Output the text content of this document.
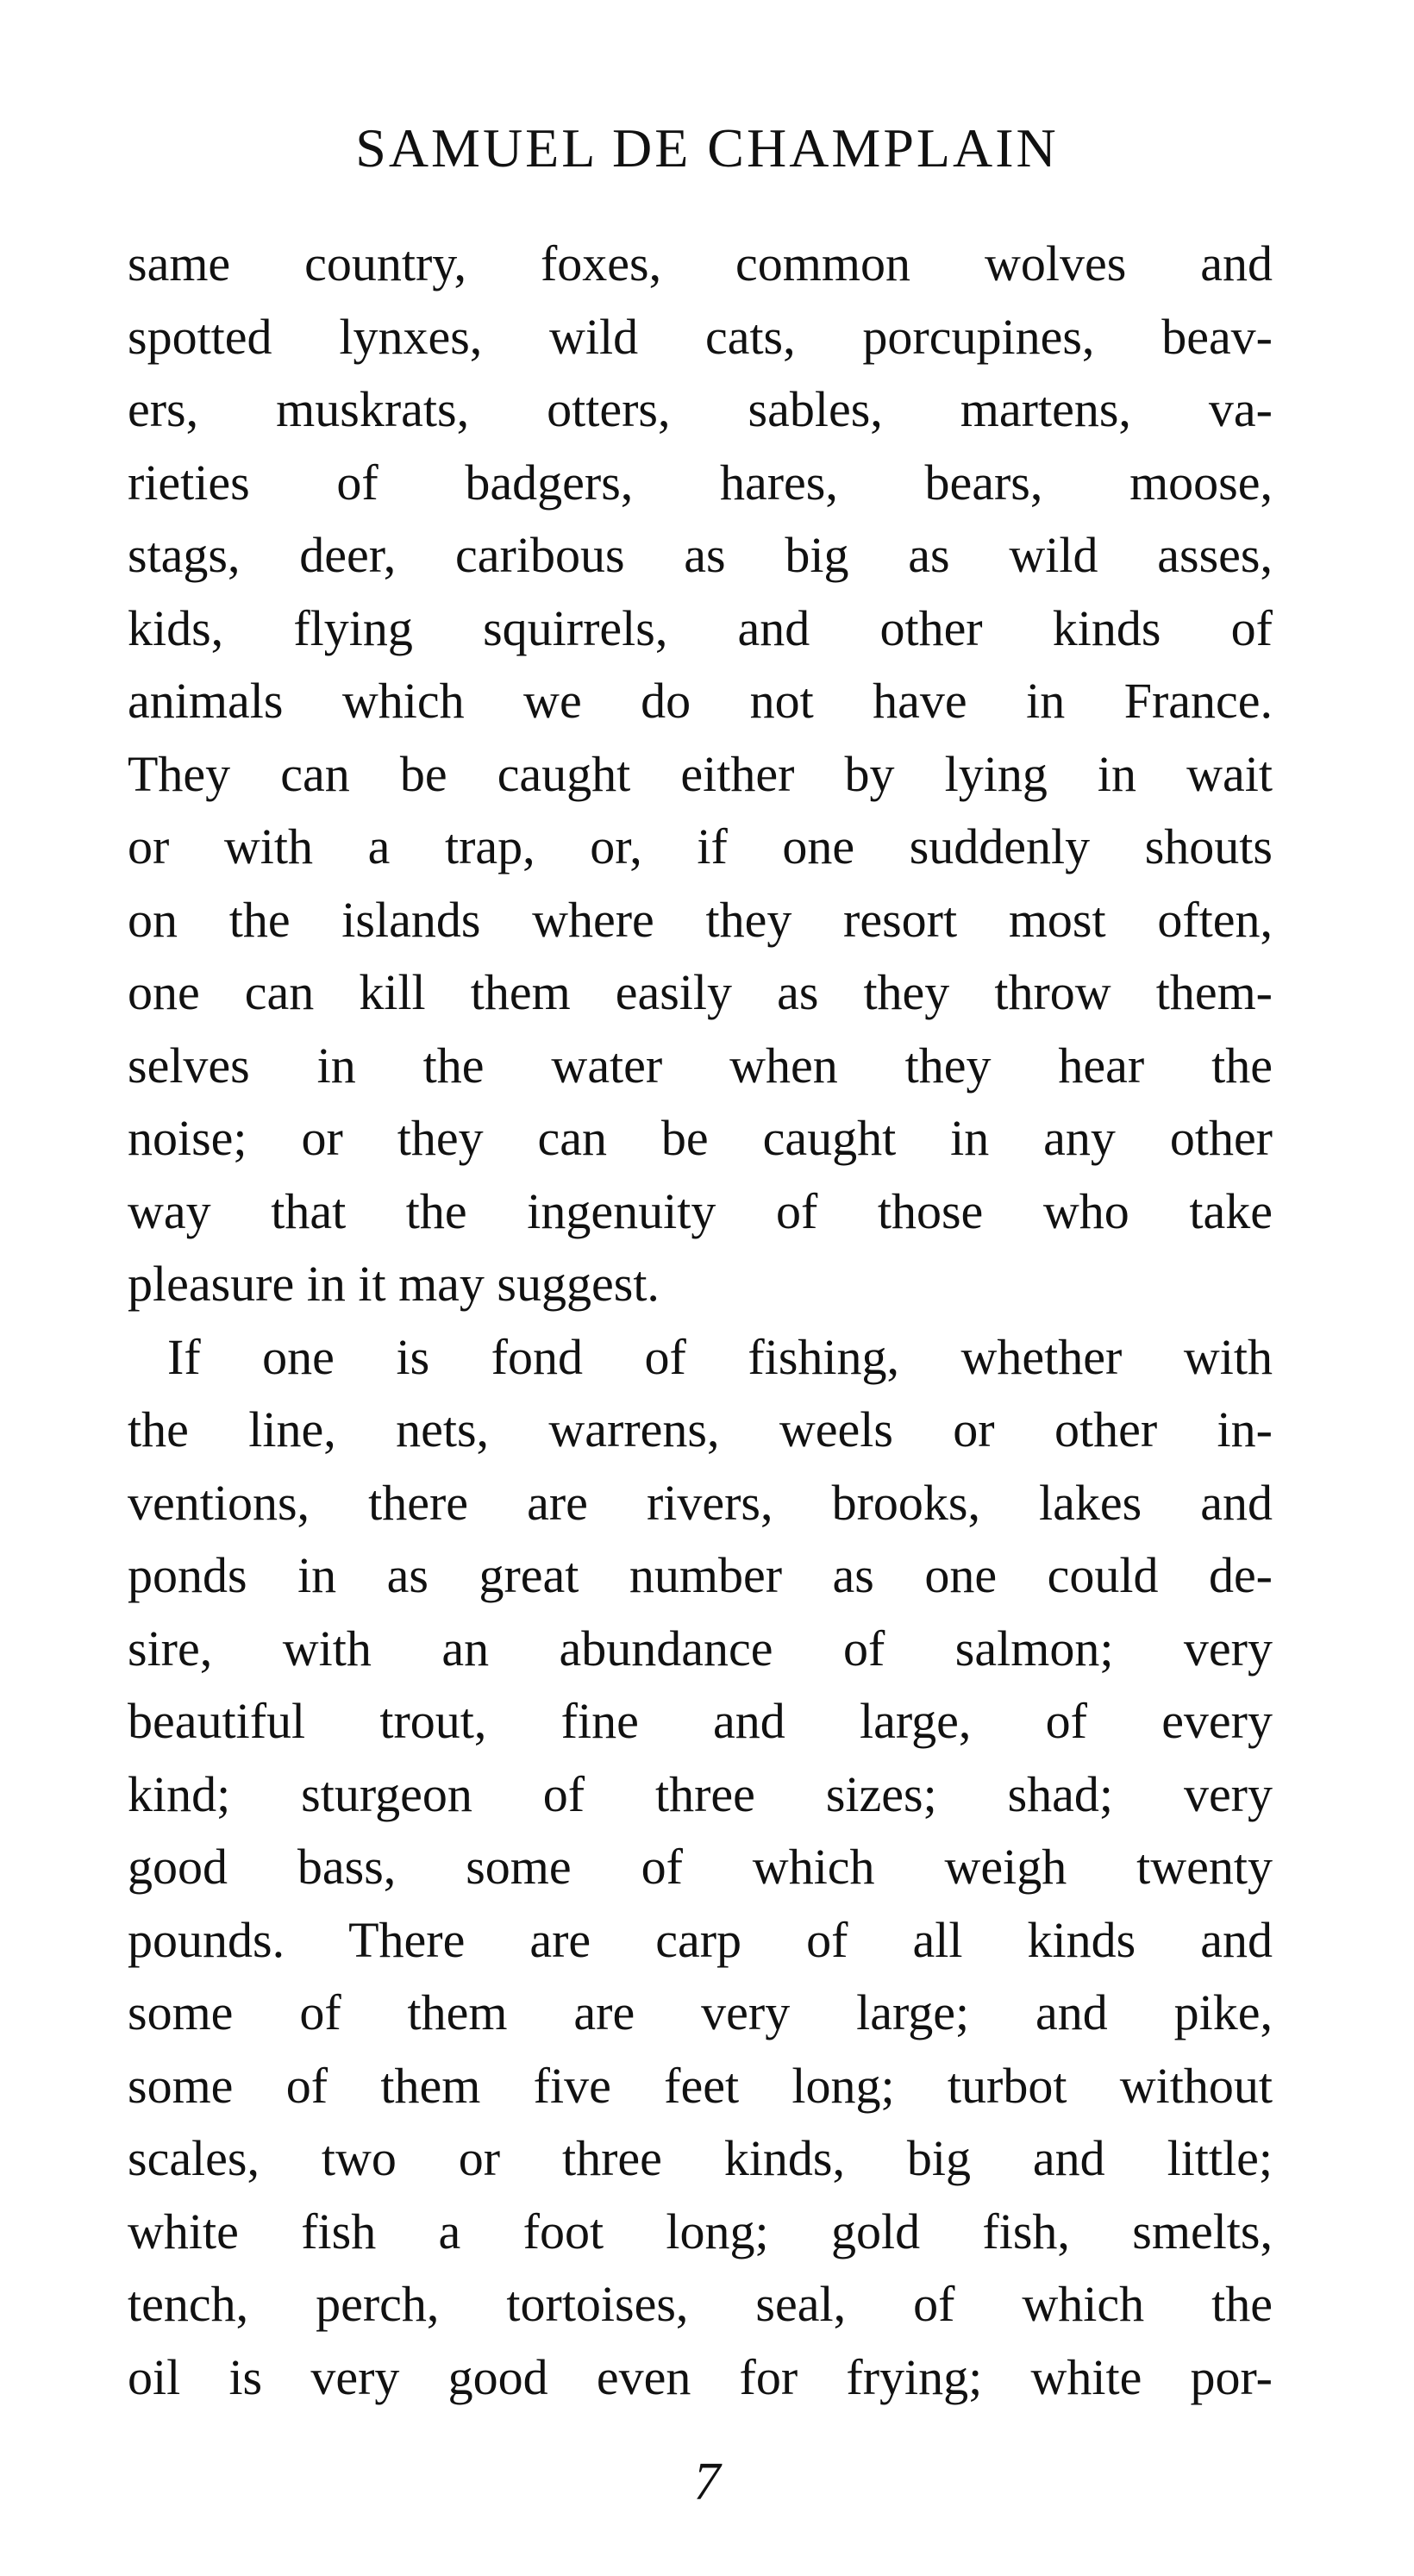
SAMUEL DE CHAMPLAIN
same country, foxes, common wolves and
spotted lynxes, wild cats, porcupines, beav-
ers, muskrats, otters, sables, martens, va-
rieties of badgers, hares, bears, moose,
stags, deer, caribous as big as wild asses,
kids, flying squirrels, and other kinds of
animals which we do not have in France.
They can be caught either by lying in wait
or with a trap, or, if one suddenly shouts
on the islands where they resort most often,
one can kill them easily as they throw them-
selves in the water when they hear the
noise; or they can be caught in any other
way that the ingenuity of those who take
pleasure in it may suggest.
If one is fond of fishing, whether with
the line, nets, warrens, weels or other in-
ventions, there are rivers, brooks, lakes and
ponds in as great number as one could de-
sire, with an abundance of salmon; very
beautiful trout, fine and large, of every
kind; sturgeon of three sizes; shad; very
good bass, some of which weigh twenty
pounds. There are carp of all kinds and
some of them are very large; and pike,
some of them five feet long; turbot without
scales, two or three kinds, big and little;
white fish a foot long; gold fish, smelts,
tench, perch, tortoises, seal, of which the
oil is very good even for frying; white por-
7
